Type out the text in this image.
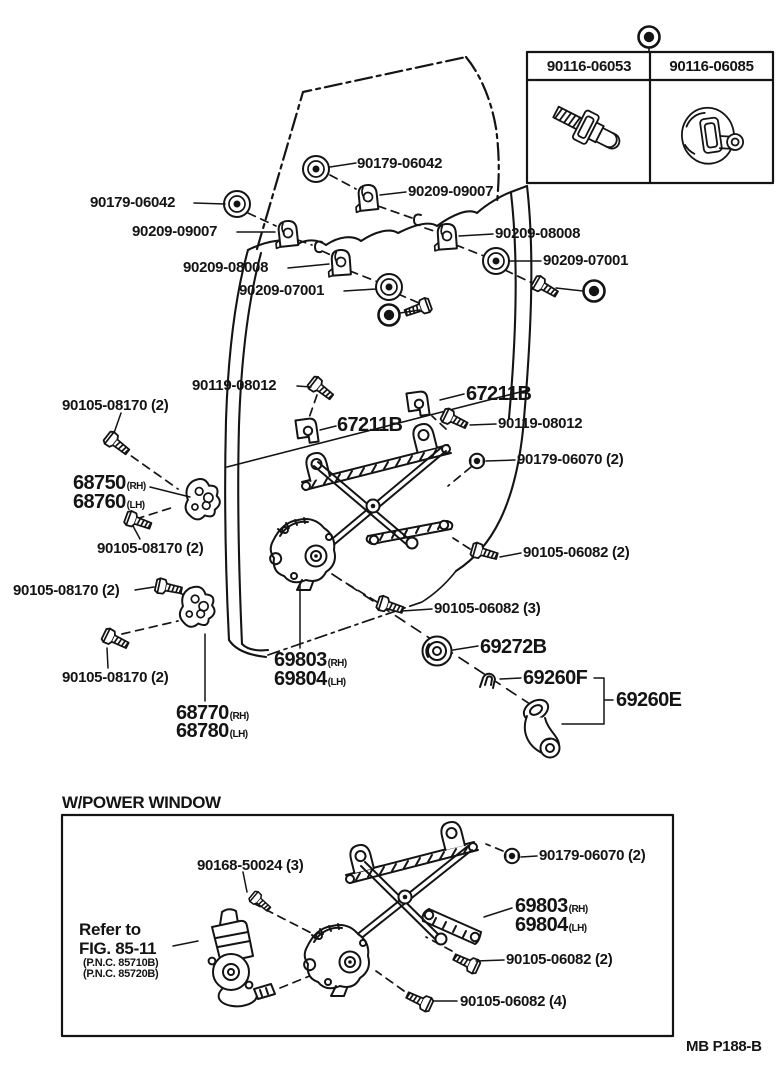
90116-06053	90116-06085
W/POWER WINDOW
Refer to
FIG. 85-11
(P.N.C. 85710B)
(P.N.C. 85720B)
MB P188-B
90179-06042
90209-09007
90179-06042
90209-09007	90209-08008
90209-08008	90209-07001
90209-07001
90119-08012	67211B
67211B	90119-08012
90179-06070 (2)
90105-08170 (2)
68750(RH)
68760(LH)
90105-08170 (2)
90105-08170 (2)
90105-06082 (2)
90105-06082 (3)
90105-08170 (2)
69272B
69803(RH)
69804(LH)
68770(RH)
68780(LH)
69260F
69260E
90168-50024 (3)
90179-06070 (2)
69803(RH)
69804(LH)
90105-06082 (2)
90105-06082 (4)
